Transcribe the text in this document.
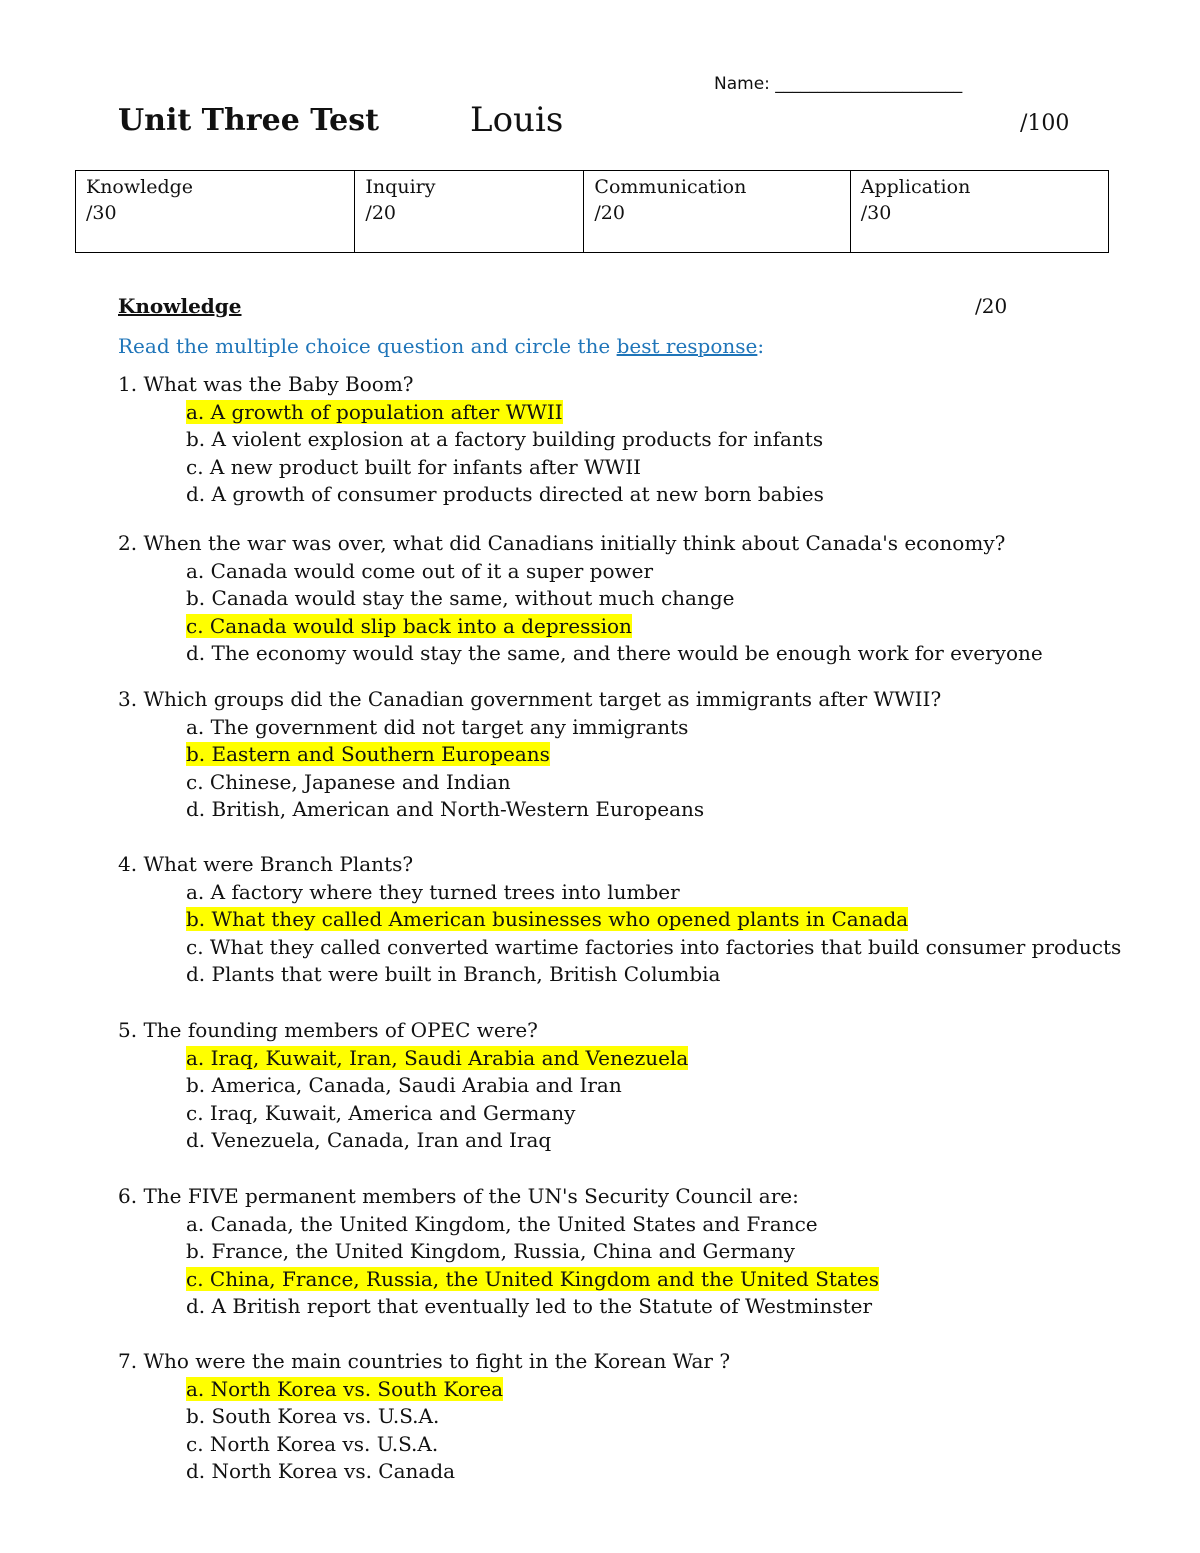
Name: ______________________
Unit Three Test	Louis	/100
Knowledge
/30

Inquiry
/20

Communication
/20

Application
/30
Knowledge	/20
Read the multiple choice question and circle the best response:
1. What was the Baby Boom?
a. A growth of population after WWII
b. A violent explosion at a factory building products for infants
c. A new product built for infants after WWII
d. A growth of consumer products directed at new born babies
2. When the war was over, what did Canadians initially think about Canada's economy?
a. Canada would come out of it a super power
b. Canada would stay the same, without much change
c. Canada would slip back into a depression
d. The economy would stay the same, and there would be enough work for everyone
3. Which groups did the Canadian government target as immigrants after WWII?
a. The government did not target any immigrants
b. Eastern and Southern Europeans
c. Chinese, Japanese and Indian
d. British, American and North-Western Europeans
4. What were Branch Plants?
a. A factory where they turned trees into lumber
b. What they called American businesses who opened plants in Canada
c. What they called converted wartime factories into factories that build consumer products
d. Plants that were built in Branch, British Columbia
5. The founding members of OPEC were?
a. Iraq, Kuwait, Iran, Saudi Arabia and Venezuela
b. America, Canada, Saudi Arabia and Iran
c. Iraq, Kuwait, America and Germany
d. Venezuela, Canada, Iran and Iraq
6. The FIVE permanent members of the UN's Security Council are:
a. Canada, the United Kingdom, the United States and France
b. France, the United Kingdom, Russia, China and Germany
c. China, France, Russia, the United Kingdom and the United States
d. A British report that eventually led to the Statute of Westminster
7. Who were the main countries to fight in the Korean War ?
a. North Korea vs. South Korea
b. South Korea vs. U.S.A.
c. North Korea vs. U.S.A.
d. North Korea vs. Canada
